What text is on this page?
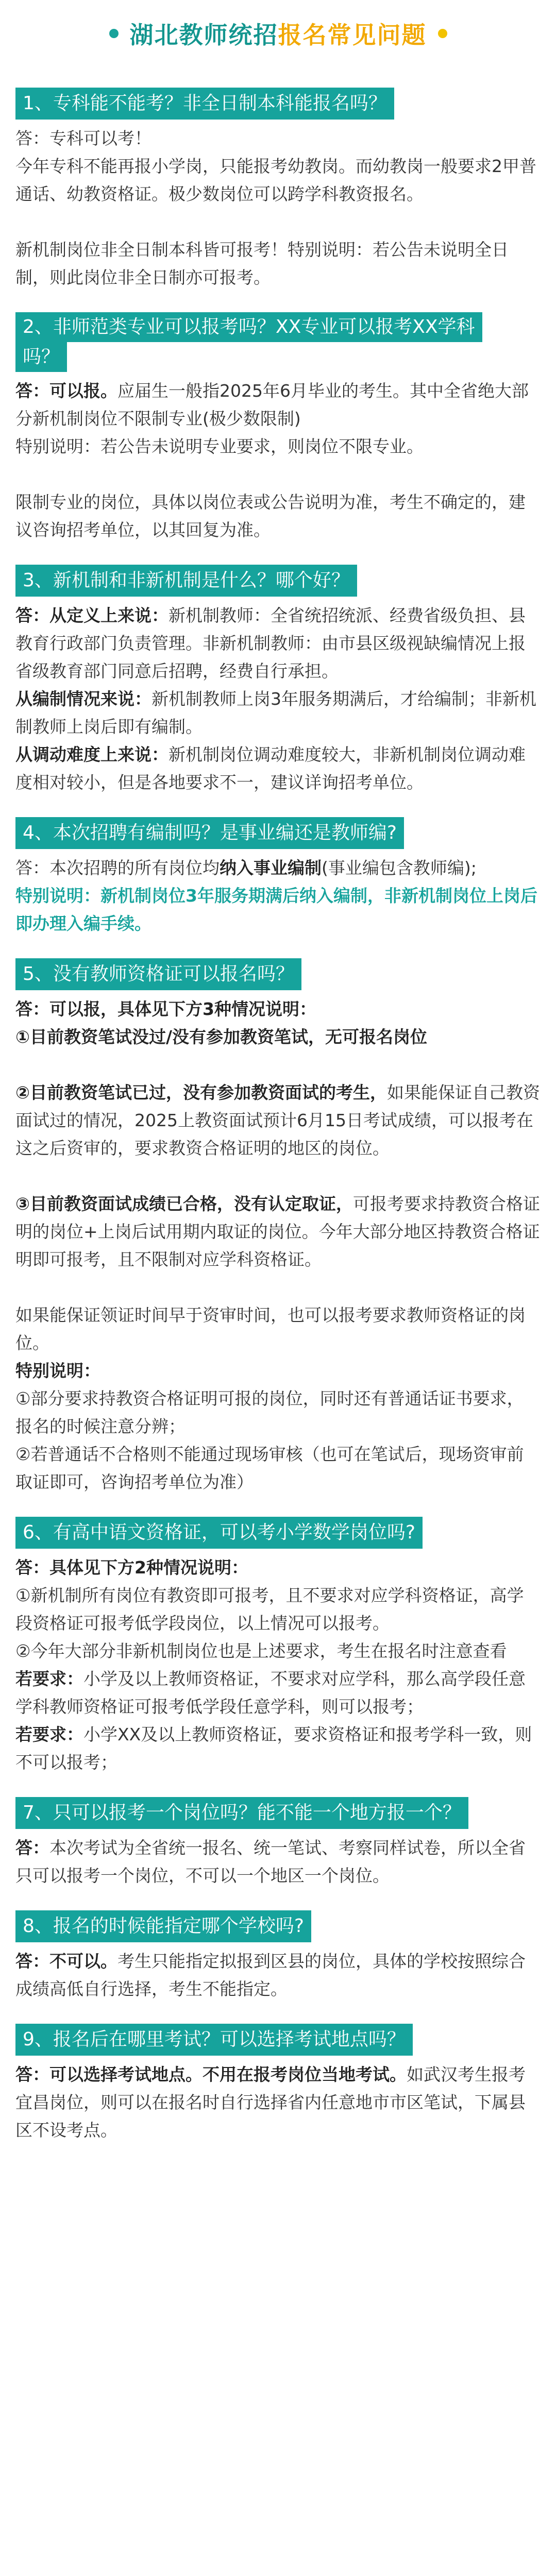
湖北教师统招 报名常见问题
1、专科能不能考？非全日制本科能报名吗？

答：专科可以考！

今年专科不能再报小学岗，只能报考幼教岗。而幼教岗一般要求2甲普通话、幼教资格证。极少数岗位可以跨学科教资报名。

新机制岗位非全日制本科皆可报考！特别说明：若公告未说明全日制，则此岗位非全日制亦可报考。

2、非师范类专业可以报考吗？XX专业可以报考XX学科
吗？

答：可以报。应届生一般指2025年6月毕业的考生。其中全省绝大部分新机制岗位不限制专业(极少数限制)

特别说明：若公告未说明专业要求，则岗位不限专业。

限制专业的岗位，具体以岗位表或公告说明为准，考生不确定的，建议咨询招考单位，以其回复为准。

3、新机制和非新机制是什么？哪个好？

答：从定义上来说：新机制教师：全省统招统派、经费省级负担、县教育行政部门负责管理。非新机制教师：由市县区级视缺编情况上报省级教育部门同意后招聘，经费自行承担。

从编制情况来说：新机制教师上岗3年服务期满后，才给编制；非新机制教师上岗后即有编制。

从调动难度上来说：新机制岗位调动难度较大，非新机制岗位调动难度相对较小，但是各地要求不一，建议详询招考单位。

4、本次招聘有编制吗？是事业编还是教师编?

答：本次招聘的所有岗位均纳入事业编制(事业编包含教师编);

特别说明：新机制岗位3年服务期满后纳入编制，非新机制岗位上岗后即办理入编手续。

5、没有教师资格证可以报名吗？

答：可以报，具体见下方3种情况说明：

①目前教资笔试没过/没有参加教资笔试，无可报名岗位

②目前教资笔试已过，没有参加教资面试的考生，如果能保证自己教资面试过的情况，2025上教资面试预计6月15日考试成绩，可以报考在这之后资审的，要求教资合格证明的地区的岗位。

③目前教资面试成绩已合格，没有认定取证，可报考要求持教资合格证明的岗位+上岗后试用期内取证的岗位。今年大部分地区持教资合格证明即可报考，且不限制对应学科资格证。

如果能保证领证时间早于资审时间，也可以报考要求教师资格证的岗位。

特别说明：

①部分要求持教资合格证明可报的岗位，同时还有普通话证书要求，报名的时候注意分辨；

②若普通话不合格则不能通过现场审核（也可在笔试后，现场资审前取证即可，咨询招考单位为准）

6、有高中语文资格证，可以考小学数学岗位吗?

答：具体见下方2种情况说明：

①新机制所有岗位有教资即可报考，且不要求对应学科资格证，高学段资格证可报考低学段岗位，以上情况可以报考。

②今年大部分非新机制岗位也是上述要求，考生在报名时注意查看

若要求：小学及以上教师资格证，不要求对应学科，那么高学段任意学科教师资格证可报考低学段任意学科，则可以报考；

若要求：小学XX及以上教师资格证，要求资格证和报考学科一致，则不可以报考；

7、只可以报考一个岗位吗？能不能一个地方报一个？

答：本次考试为全省统一报名、统一笔试、考察同样试卷，所以全省只可以报考一个岗位，不可以一个地区一个岗位。

8、报名的时候能指定哪个学校吗?

答：不可以。考生只能指定拟报到区县的岗位，具体的学校按照综合成绩高低自行选择，考生不能指定。

9、报名后在哪里考试？可以选择考试地点吗？

答：可以选择考试地点。不用在报考岗位当地考试。如武汉考生报考宜昌岗位，则可以在报名时自行选择省内任意地市市区笔试，下属县区不设考点。
